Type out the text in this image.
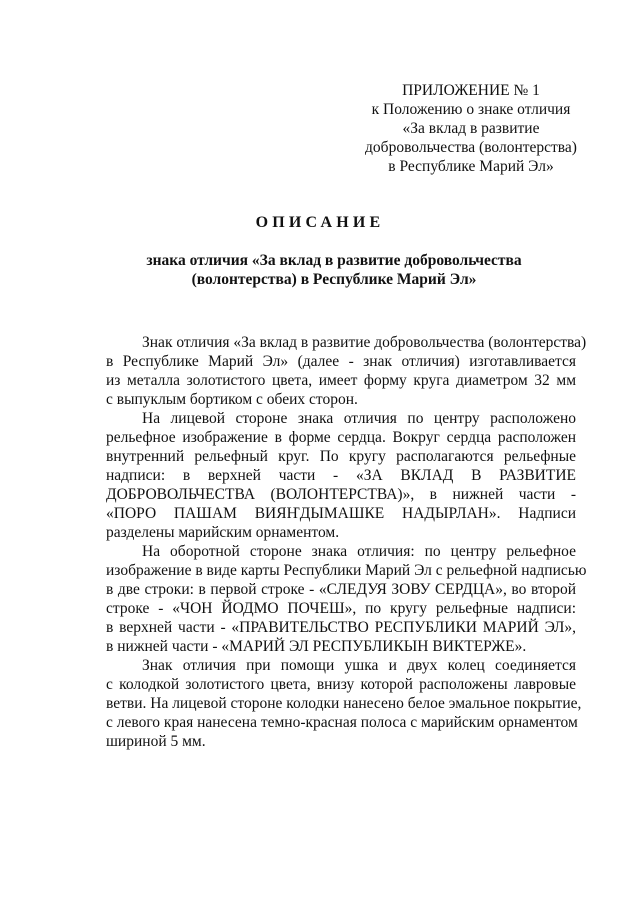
ПРИЛОЖЕНИЕ № 1
к Положению о знаке отличия
«За вклад в развитие
добровольчества (волонтерства)
в Республике Марий Эл»
ОПИСАНИЕ
знака отличия «За вклад в развитие добровольчества
(волонтерства) в Республике Марий Эл»
Знак отличия «За вклад в развитие добровольчества (волонтерства)
в Республике Марий Эл» (далее - знак отличия) изготавливается
из металла золотистого цвета, имеет форму круга диаметром 32 мм
с выпуклым бортиком с обеих сторон.
На лицевой стороне знака отличия по центру расположено
рельефное изображение в форме сердца. Вокруг сердца расположен
внутренний рельефный круг. По кругу располагаются рельефные
надписи: в верхней части - «ЗА ВКЛАД В РАЗВИТИЕ
ДОБРОВОЛЬЧЕСТВА (ВОЛОНТЕРСТВА)», в нижней части -
«ПОРО ПАШАМ ВИЯҤДЫМАШКЕ НАДЫРЛАН». Надписи
разделены марийским орнаментом.
На оборотной стороне знака отличия: по центру рельефное
изображение в виде карты Республики Марий Эл с рельефной надписью
в две строки: в первой строке - «СЛЕДУЯ ЗОВУ СЕРДЦА», во второй
строке - «ЧОН ЙОДМО ПОЧЕШ», по кругу рельефные надписи:
в верхней части - «ПРАВИТЕЛЬСТВО РЕСПУБЛИКИ МАРИЙ ЭЛ»,
в нижней части - «МАРИЙ ЭЛ РЕСПУБЛИКЫН ВИКТЕРЖЕ».
Знак отличия при помощи ушка и двух колец соединяется
с колодкой золотистого цвета, внизу которой расположены лавровые
ветви. На лицевой стороне колодки нанесено белое эмальное покрытие,
с левого края нанесена темно-красная полоса с марийским орнаментом
шириной 5 мм.
